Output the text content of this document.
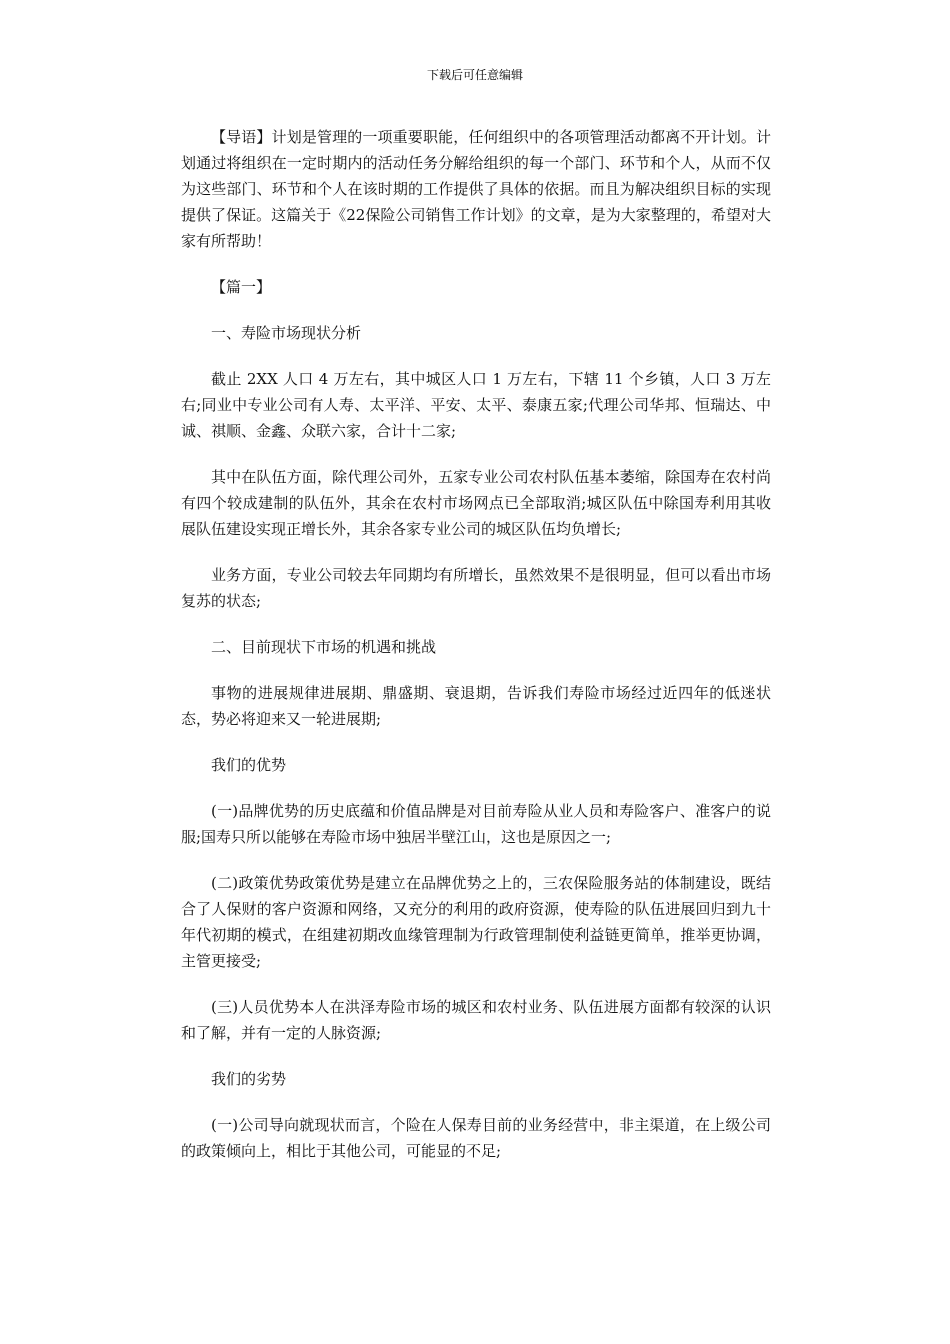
下载后可任意编辑

【导语】计划是管理的一项重要职能，任何组织中的各项管理活动都离不开计划。计划通过将组织在一定时期内的活动任务分解给组织的每一个部门、环节和个人，从而不仅为这些部门、环节和个人在该时期的工作提供了具体的依据。而且为解决组织目标的实现提供了保证。这篇关于《22保险公司销售工作计划》的文章，是为大家整理的，希望对大家有所帮助！

【篇一】

一、寿险市场现状分析

截止 2XX 人口 4 万左右，其中城区人口 1 万左右，下辖 11 个乡镇，人口 3 万左右;同业中专业公司有人寿、太平洋、平安、太平、泰康五家;代理公司华邦、恒瑞达、中诚、祺顺、金鑫、众联六家，合计十二家;

其中在队伍方面，除代理公司外，五家专业公司农村队伍基本萎缩，除国寿在农村尚有四个较成建制的队伍外，其余在农村市场网点已全部取消;城区队伍中除国寿利用其收展队伍建设实现正增长外，其余各家专业公司的城区队伍均负增长;

业务方面，专业公司较去年同期均有所增长，虽然效果不是很明显，但可以看出市场复苏的状态;

二、目前现状下市场的机遇和挑战

事物的进展规律进展期、鼎盛期、衰退期，告诉我们寿险市场经过近四年的低迷状态，势必将迎来又一轮进展期;

我们的优势

(一)品牌优势的历史底蕴和价值品牌是对目前寿险从业人员和寿险客户、准客户的说服;国寿只所以能够在寿险市场中独居半壁江山，这也是原因之一;

(二)政策优势政策优势是建立在品牌优势之上的，三农保险服务站的体制建设，既结合了人保财的客户资源和网络，又充分的利用的政府资源，使寿险的队伍进展回归到九十年代初期的模式，在组建初期改血缘管理制为行政管理制使利益链更简单，推举更协调，主管更接受;

(三)人员优势本人在洪泽寿险市场的城区和农村业务、队伍进展方面都有较深的认识和了解，并有一定的人脉资源;

我们的劣势

(一)公司导向就现状而言，个险在人保寿目前的业务经营中，非主渠道，在上级公司的政策倾向上，相比于其他公司，可能显的不足;
